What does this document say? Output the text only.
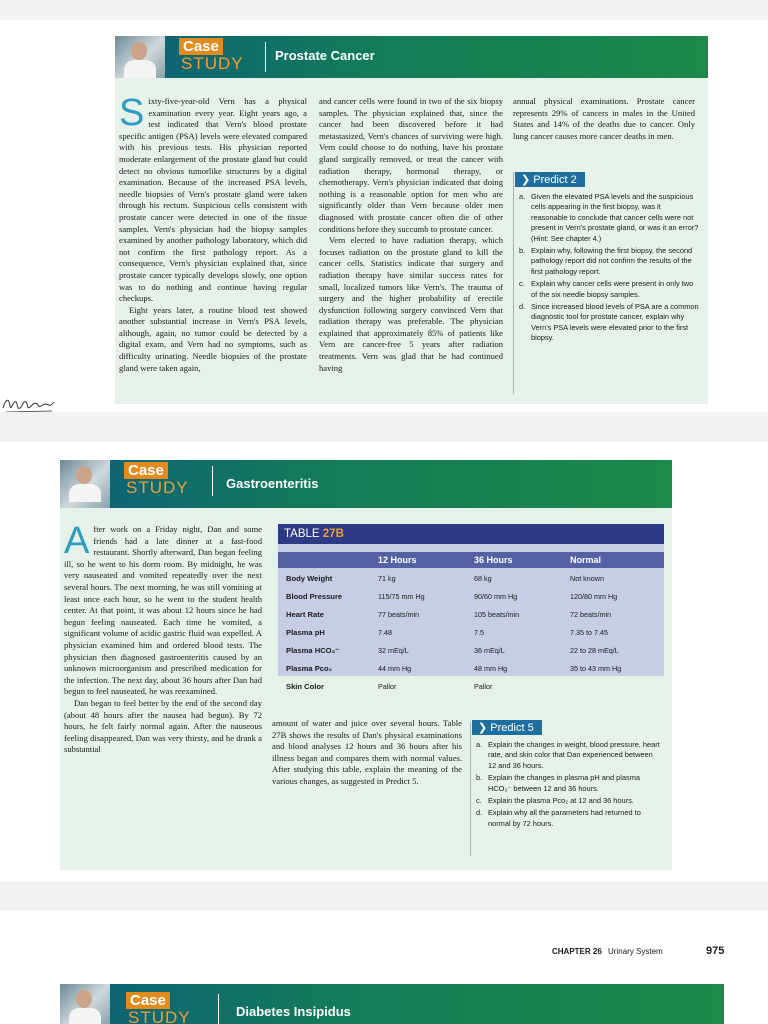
Case
STUDY Prostate Cancer
S ixty-five-year-old Vern has a physical examination every year. Eight years ago, a test indicated that Vern's blood prostate specific antigen (PSA) levels were elevated compared with his previous tests. His physician reported moderate enlargement of the prostate gland but could detect no obvious tumorlike structures by a digital examination. Because of the increased PSA levels, needle biopsies of Vern's prostate gland were taken through his rectum. Suspicious cells consistent with prostate cancer were detected in one of the tissue samples. Vern's physician had the biopsy samples examined by another pathology laboratory, which did not confirm the first pathology report. As a consequence, Vern's physician explained that, since prostate cancer typically develops slowly, one option was to do nothing and continue having regular checkups.

Eight years later, a routine blood test showed another substantial increase in Vern's PSA levels, although, again, no tumor could be detected by a digital exam, and Vern had no symptoms, such as difficulty urinating. Needle biopsies of the prostate gland were taken again,

and cancer cells were found in two of the six biopsy samples. The physician explained that, since the cancer had been discovered before it had metastasized, Vern's chances of surviving were high. Vern could choose to do nothing, have his prostate gland surgically removed, or treat the cancer with radiation therapy, hormonal therapy, or chemotherapy. Vern's physician indicated that doing nothing is a reasonable option for men who are significantly older than Vern because older men diagnosed with prostate cancer often die of other conditions before they succumb to prostate cancer.

Vern elected to have radiation therapy, which focuses radiation on the prostate gland to kill the cancer cells. Statistics indicate that surgery and radiation therapy have similar success rates for small, localized tumors like Vern's. The trauma of surgery and the higher probability of erectile dysfunction following surgery convinced Vern that radiation therapy was preferable. The physician explained that approximately 85% of patients like Vern are cancer-free 5 years after radiation treatments. Vern was glad that he had continued having

annual physical examinations. Prostate cancer represents 29% of cancers in males in the United States and 14% of the deaths due to cancer. Only lung cancer causes more cancer deaths in men.

❯ Predict 2
a. Given the elevated PSA levels and the suspicious cells appearing in the first biopsy, was it reasonable to conclude that cancer cells were not present in Vern's prostate gland, or was it an error? (Hint: See chapter 4.)
b. Explain why, following the first biopsy, the second pathology report did not confirm the results of the first pathology report.
c. Explain why cancer cells were present in only two of the six needle biopsy samples.
d. Since increased blood levels of PSA are a common diagnostic tool for prostate cancer, explain why Vern's PSA levels were elevated prior to the first biopsy.
Case
STUDY	Gastroenteritis
A fter work on a Friday night, Dan and some friends had a late dinner at a fast-food restaurant. Shortly afterward, Dan began feeling ill, so he went to his dorm room. By midnight, he was very nauseated and vomited repeatedly over the next several hours. The next morning, he was still vomiting at least once each hour, so he went to the student health center. At that point, it was about 12 hours since he had begun feeling nauseated. Each time he vomited, a significant volume of acidic gastric fluid was expelled. A physician examined him and ordered blood tests. The physician then diagnosed gastroenteritis caused by an unknown microorganism and prescribed medication for the infection. The next day, about 36 hours after Dan had begun to feel nauseated, he was reexamined.

Dan began to feel better by the end of the second day (about 48 hours after the nausea had begun). By 72 hours, he felt fairly normal again. After the nauseous feeling disappeared, Dan was very thirsty, and he drank a substantial

TABLE 27B
12 Hours	36 Hours	Normal
Body Weight	71 kg	68 kg	Not known
Blood Pressure	115/75 mm Hg	90/60 mm Hg	120/80 mm Hg
Heart Rate	77 beats/min	105 beats/min	72 beats/min
Plasma pH	7.48	7.5	7.35 to 7.45
Plasma HCO₃⁻	32 mEq/L	36 mEq/L	22 to 28 mEq/L
Plasma Pco₂	44 mm Hg	48 mm Hg	35 to 43 mm Hg
Skin Color	Pallor	Pallor

amount of water and juice over several hours. Table 27B shows the results of Dan's physical examinations and blood analyses 12 hours and 36 hours after his illness began and compares them with normal values. After studying this table, explain the meaning of the various changes, as suggested in Predict 5.

❯ Predict 5
a. Explain the changes in weight, blood pressure, heart rate, and skin color that Dan experienced between 12 and 36 hours.
b. Explain the changes in plasma pH and plasma HCO₃⁻ between 12 and 36 hours.
c. Explain the plasma Pco₂ at 12 and 36 hours.
d. Explain why all the parameters had returned to normal by 72 hours.
CHAPTER 26 Urinary System	975
Case
STUDY	Diabetes Insipidus
